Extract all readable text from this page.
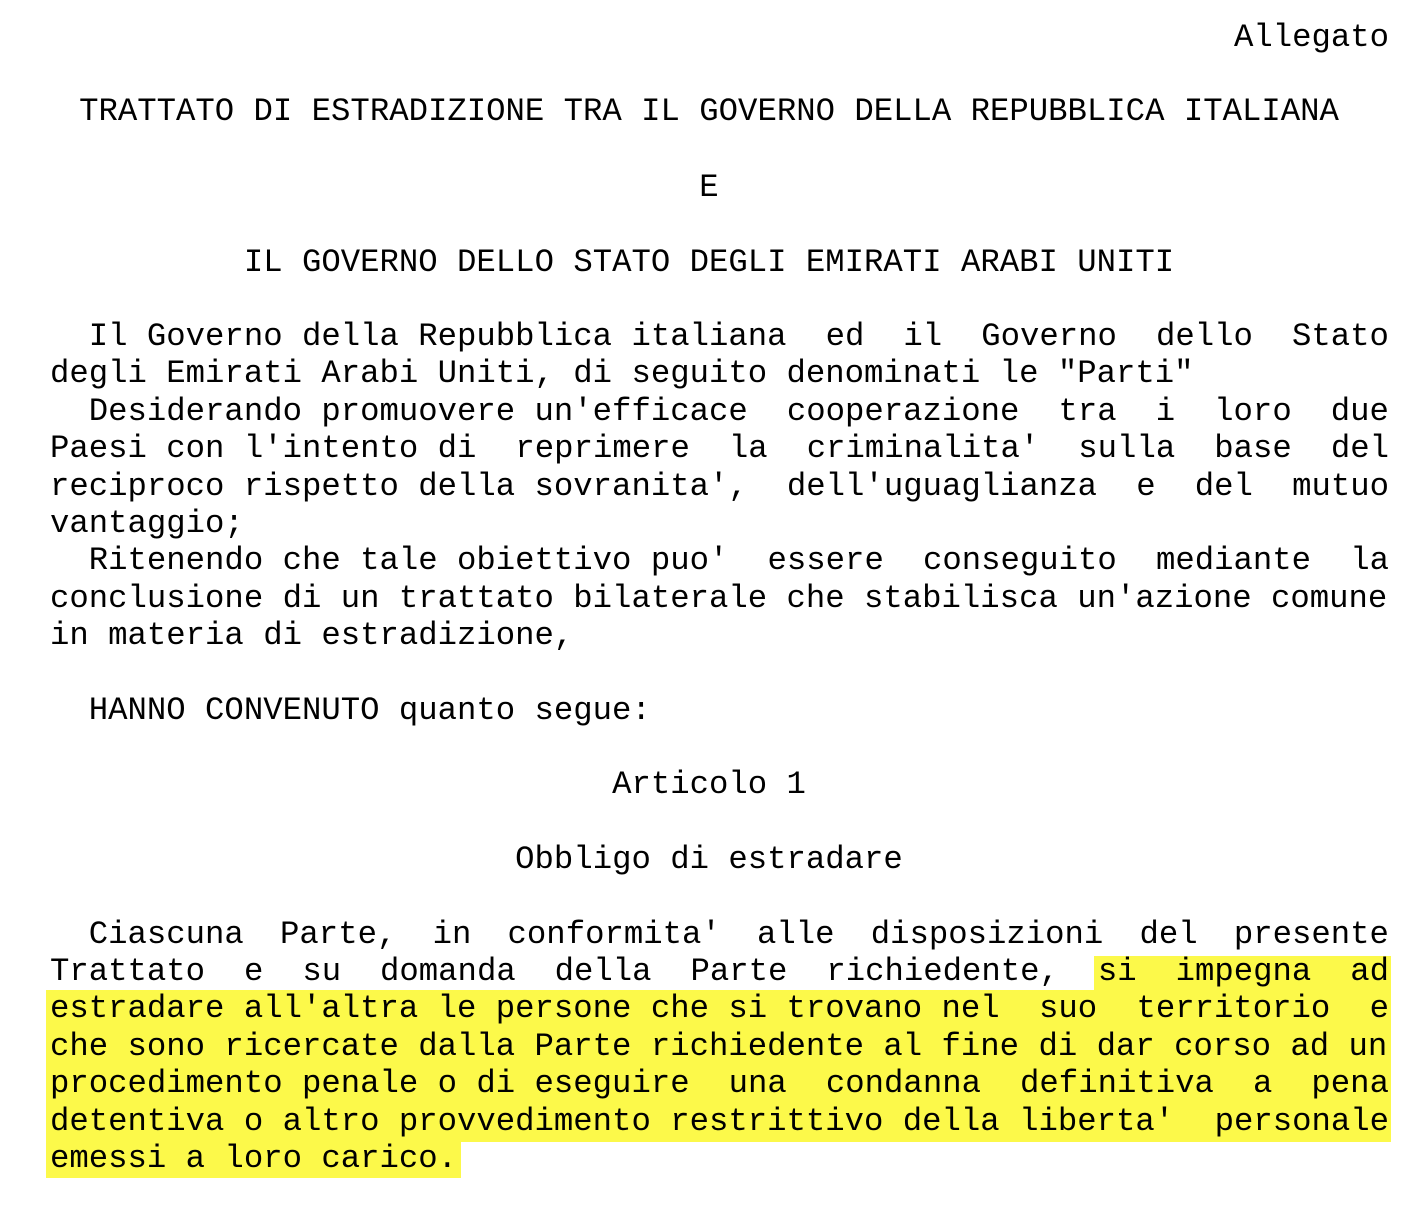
Allegato
TRATTATO DI ESTRADIZIONE TRA IL GOVERNO DELLA REPUBBLICA ITALIANA
E
IL GOVERNO DELLO STATO DEGLI EMIRATI ARABI UNITI
Il Governo della Repubblica italiana ed il Governo dello Stato
degli Emirati Arabi Uniti, di seguito denominati le "Parti"
Desiderando promuovere un'efficace cooperazione tra i loro due
Paesi con l'intento di reprimere la criminalita' sulla base del
reciproco rispetto della sovranita', dell'uguaglianza e del mutuo
vantaggio;
Ritenendo che tale obiettivo puo' essere conseguito mediante la
conclusione di un trattato bilaterale che stabilisca un'azione comune
in materia di estradizione,
HANNO CONVENUTO quanto segue:
Articolo 1
Obbligo di estradare
Ciascuna Parte, in conformita' alle disposizioni del presente
Trattato e su domanda della Parte richiedente, si impegna ad
estradare all'altra le persone che si trovano nel suo territorio e
che sono ricercate dalla Parte richiedente al fine di dar corso ad un
procedimento penale o di eseguire una condanna definitiva a pena
detentiva o altro provvedimento restrittivo della liberta' personale
emessi a loro carico.
